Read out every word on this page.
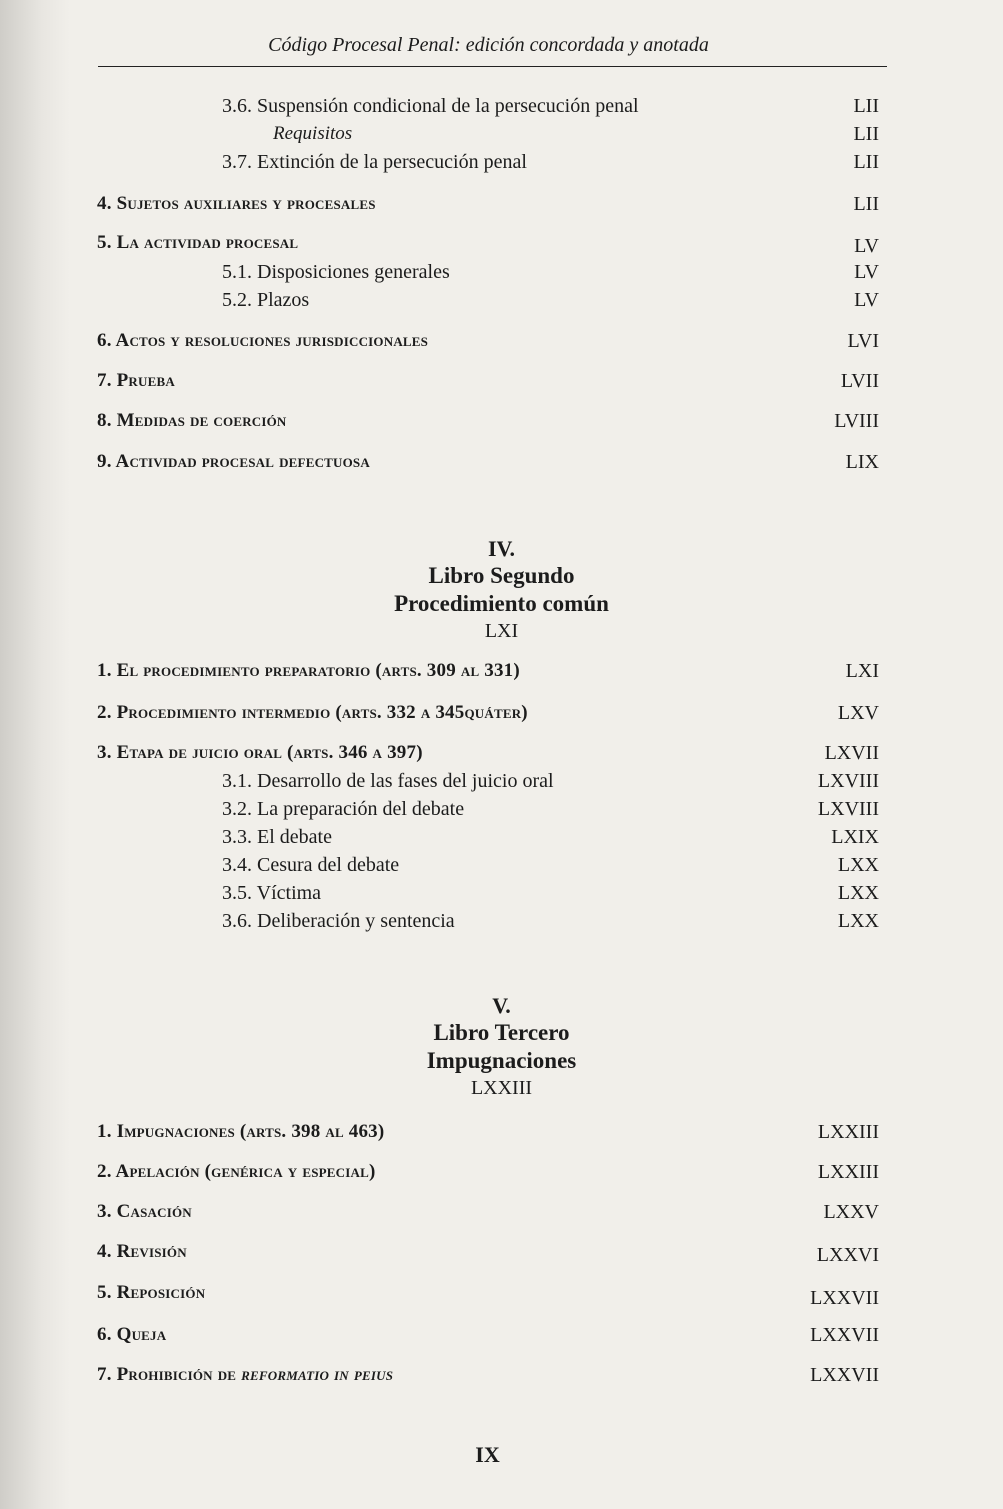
Código Procesal Penal: edición concordada y anotada
3.6. Suspensión condicional de la persecución penal	LII
Requisitos	LII
3.7. Extinción de la persecución penal	LII
4. Sujetos auxiliares y procesales	LII
5. La actividad procesal	LV
5.1. Disposiciones generales	LV
5.2. Plazos	LV
6. Actos y resoluciones jurisdiccionales	LVI
7. Prueba	LVII
8. Medidas de coerción	LVIII
9. Actividad procesal defectuosa	LIX
IV.
Libro Segundo
Procedimiento común
LXI
1. El procedimiento preparatorio (arts. 309 al 331)	LXI
2. Procedimiento intermedio (arts. 332 a 345quáter)	LXV
3. Etapa de juicio oral (arts. 346 a 397)	LXVII
3.1. Desarrollo de las fases del juicio oral	LXVIII
3.2. La preparación del debate	LXVIII
3.3. El debate	LXIX
3.4. Cesura del debate	LXX
3.5. Víctima	LXX
3.6. Deliberación y sentencia	LXX
V.
Libro Tercero
Impugnaciones
LXXIII
1. Impugnaciones (arts. 398 al 463)	LXXIII
2. Apelación (genérica y especial)	LXXIII
3. Casación	LXXV
4. Revisión	LXXVI
5. Reposición	LXXVII
6. Queja	LXXVII
7. Prohibición de reformatio in peius	LXXVII
IX
